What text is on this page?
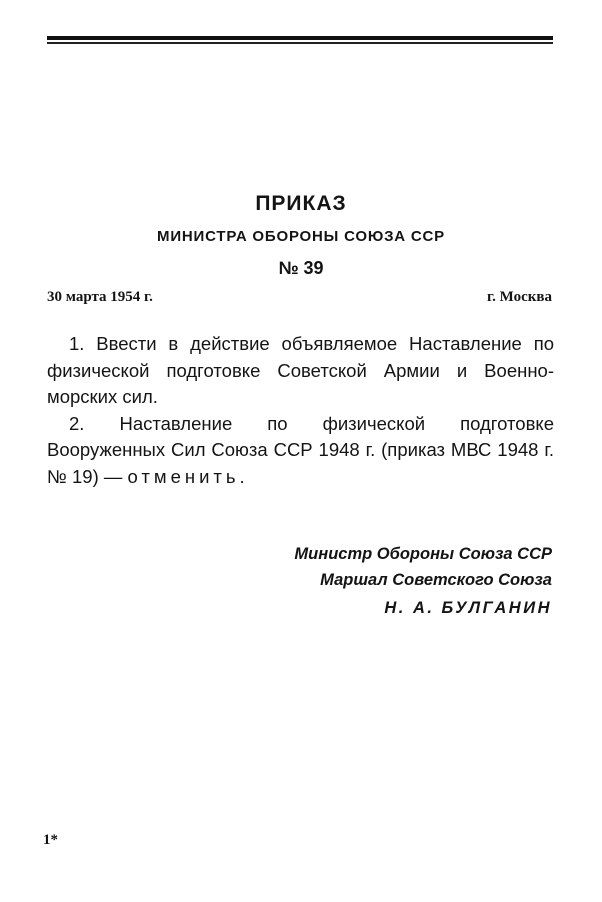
ПРИКАЗ
МИНИСТРА ОБОРОНЫ СОЮЗА ССР
№ 39
30 марта 1954 г.	г. Москва

1. Ввести в действие объявляемое Наставление по физической подготовке Советской Армии и Военно-морских сил.

2. Наставление по физической подготовке Вооруженных Сил Союза ССР 1948 г. (приказ МВС 1948 г. № 19) — отменить.

Министр Обороны Союза ССР
Маршал Советского Союза
Н. А. БУЛГАНИН
1*
